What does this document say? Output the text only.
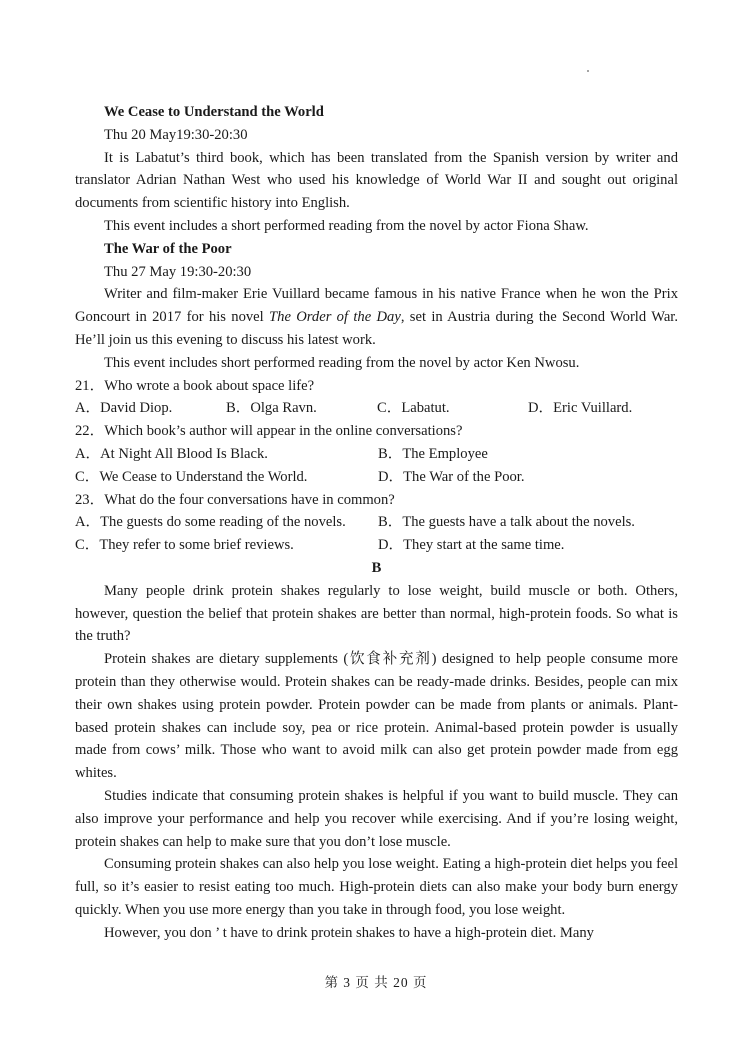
We Cease to Understand the World

Thu 20 May19:30-20:30

It is Labatut’s third book, which has been translated from the Spanish version by writer and translator Adrian Nathan West who used his knowledge of World War II and sought out original documents from scientific history into English.

This event includes a short performed reading from the novel by actor Fiona Shaw.

The War of the Poor

Thu 27 May 19:30-20:30

Writer and film-maker Erie Vuillard became famous in his native France when he won the Prix Goncourt in 2017 for his novel The Order of the Day, set in Austria during the Second World War. He’ll join us this evening to discuss his latest work.

This event includes short performed reading from the novel by actor Ken Nwosu.

21．Who wrote a book about space life?

A．David Diop.	B．Olga Ravn.	C．Labatut.	D．Eric Vuillard.

22．Which book’s author will appear in the online conversations?

A．At Night All Blood Is Black.	B．The Employee
C．We Cease to Understand the World.	D．The War of the Poor.

23．What do the four conversations have in common?

A．The guests do some reading of the novels.	B．The guests have a talk about the novels.
C．They refer to some brief reviews.	D．They start at the same time.

B

Many people drink protein shakes regularly to lose weight, build muscle or both. Others, however, question the belief that protein shakes are better than normal, high-protein foods. So what is the truth?

Protein shakes are dietary supplements (饮食补充剂) designed to help people consume more protein than they otherwise would. Protein shakes can be ready-made drinks. Besides, people can mix their own shakes using protein powder. Protein powder can be made from plants or animals. Plant-based protein shakes can include soy, pea or rice protein. Animal-based protein powder is usually made from cows’ milk. Those who want to avoid milk can also get protein powder made from egg whites.

Studies indicate that consuming protein shakes is helpful if you want to build muscle. They can also improve your performance and help you recover while exercising. And if you’re losing weight, protein shakes can help to make sure that you don’t lose muscle.

Consuming protein shakes can also help you lose weight. Eating a high-protein diet helps you feel full, so it’s easier to resist eating too much. High-protein diets can also make your body burn energy quickly. When you use more energy than you take in through food, you lose weight.

However, you don ’ t have to drink protein shakes to have a high-protein diet. Many

第 3 页 共 20 页
